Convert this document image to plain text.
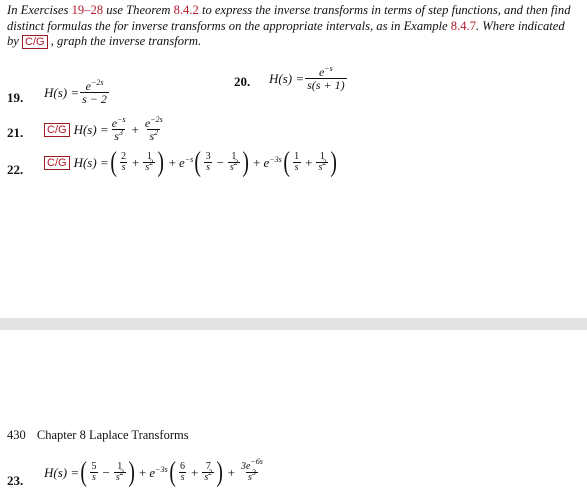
In Exercises 19–28 use Theorem 8.4.2 to express the inverse transforms in terms of step functions, and then find distinct formulas the for inverse transforms on the appropriate intervals, as in Example 8.4.7. Where indicated by C/G , graph the inverse transform.
19. $H(s) = \frac{e^{-2s}}{s - 2}$	20. $H(s) = \frac{e^{-s}}{s(s + 1)}$
21. C/G $H(s) = \frac{e^{-s}}{s^3} + \frac{e^{-2s}}{s^2}$
22. C/G H(s) = ( $\frac{2}{s} + \frac{1}{s^2}$ ) + $e^{-s}$ ( $\frac{3}{s} - \frac{1}{s^2}$ ) + $e^{-3s}$ ( $\frac{1}{s} + \frac{1}{s^2}$ )
430 Chapter 8 Laplace Transforms
23.
H(s) = ( $\frac{5}{s} - \frac{1}{s^2}$ ) + $e^{-3s}$ ( $\frac{6}{s} + \frac{7}{s^2}$ ) + $\frac{3e^{-6s}}{s^3}$
